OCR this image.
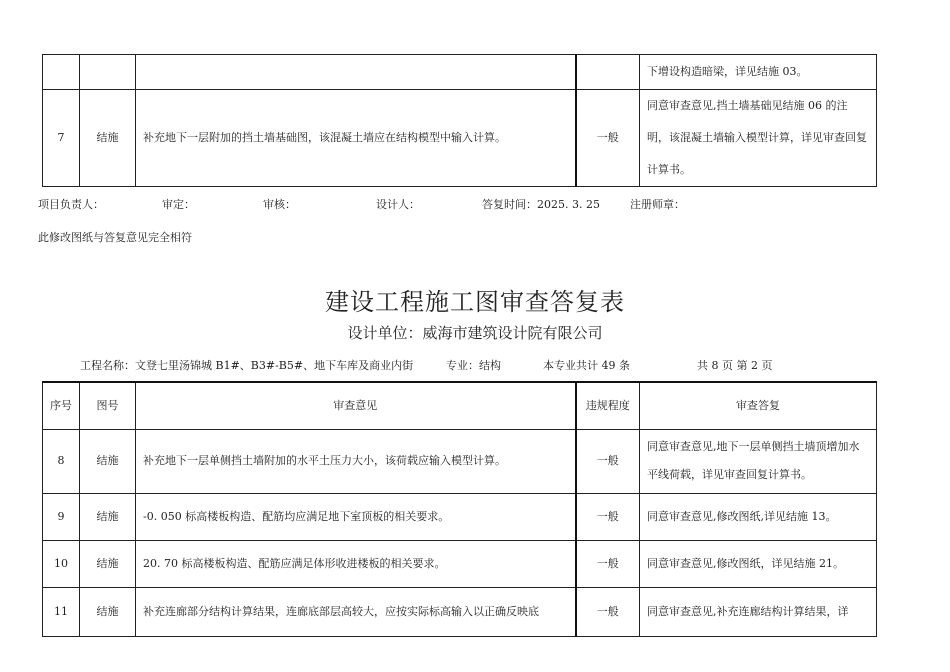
				下增设构造暗梁，详见结施 03。
7	结施	补充地下一层附加的挡土墙基础图，该混凝土墙应在结构模型中输入计算。	一般	同意审查意见,挡土墙基础见结施 06 的注明，该混凝土墙输入模型计算，详见审查回复计算书。
项目负责人：	审定：	审核：	设计人：	答复时间：2025. 3. 25	注册师章：
此修改图纸与答复意见完全相符
建设工程施工图审查答复表
设计单位：威海市建筑设计院有限公司
工程名称：文登七里汤锦城 B1#、B3#-B5#、地下车库及商业内街	专业：结构	本专业共计 49 条	共 8 页 第 2 页
序号	图号	审查意见	违规程度	审查答复
8	结施	补充地下一层单侧挡土墙附加的水平土压力大小，该荷载应输入模型计算。	一般	同意审查意见,地下一层单侧挡土墙顶增加水平线荷载，详见审查回复计算书。
9	结施	-0. 050 标高楼板构造、配筋均应满足地下室顶板的相关要求。	一般	同意审查意见,修改图纸,详见结施 13。
10	结施	20. 70 标高楼板构造、配筋应满足体形收进楼板的相关要求。	一般	同意审查意见,修改图纸，详见结施 21。
11	结施	补充连廊部分结构计算结果，连廊底部层高较大，应按实际标高输入以正确反映底	一般	同意审查意见,补充连廊结构计算结果，详
